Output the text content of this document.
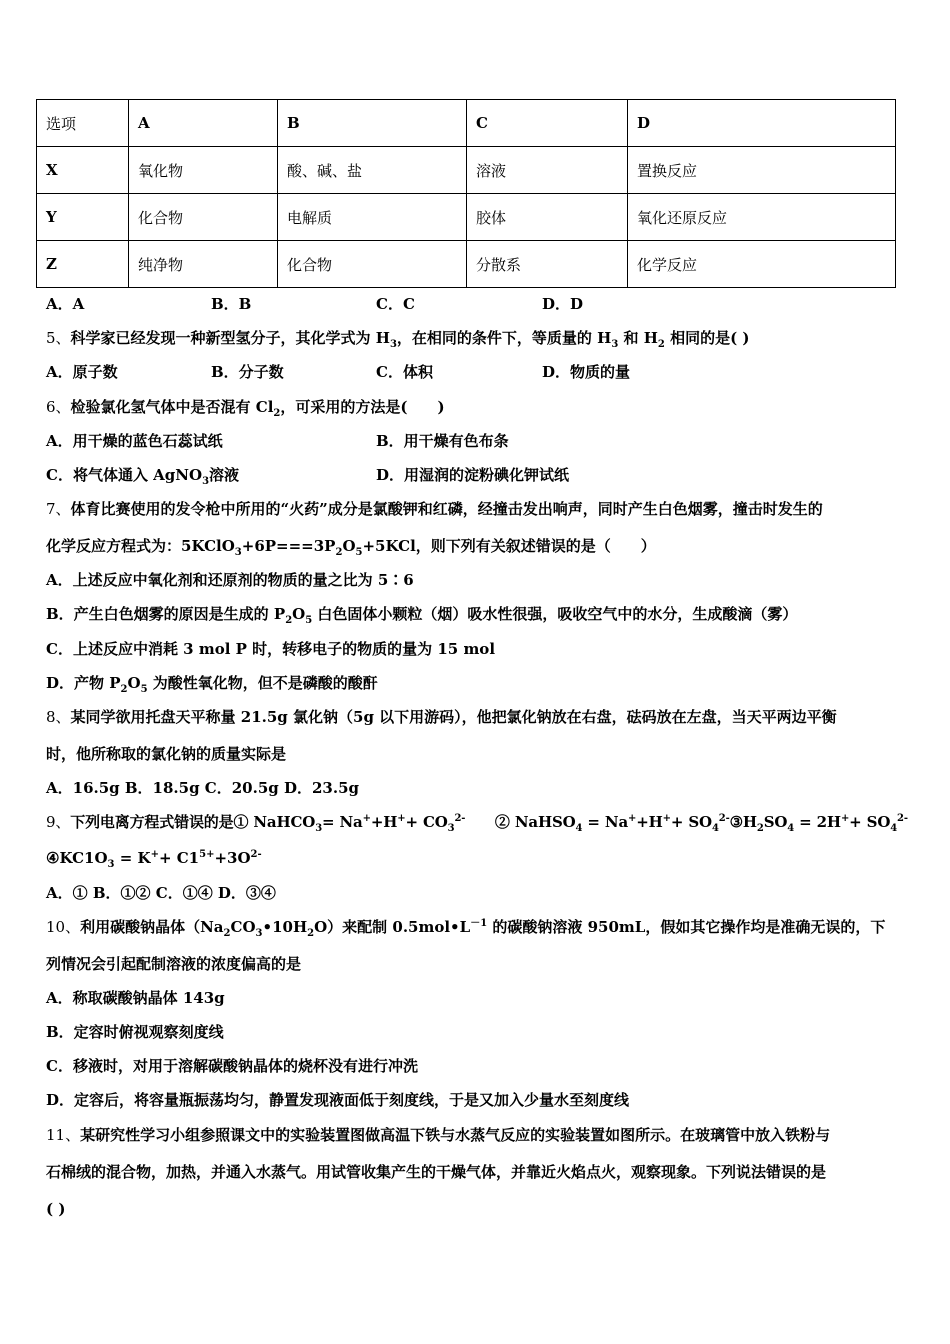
选项	A	B	C	D
X	氧化物	酸、碱、盐	溶液	置换反应
Y	化合物	电解质	胶体	氧化还原反应
Z	纯净物	化合物	分散系	化学反应
A．A	B．B	C．C	D．D
5、科学家已经发现一种新型氢分子，其化学式为 $H_3$，在相同的条件下，等质量的 $H_3$ 和 $H_2$ 相同的是( )
A．原子数	B．分子数	C．体积	D．物质的量
6、检验氯化氢气体中是否混有 $Cl_2$，可采用的方法是(　　)
A．用干燥的蓝色石蕊试纸	B．用干燥有色布条
C．将气体通入 AgNO$_3$溶液	D．用湿润的淀粉碘化钾试纸
7、体育比赛使用的发令枪中所用的“火药”成分是氯酸钾和红磷，经撞击发出响声，同时产生白色烟雾，撞击时发生的
化学反应方程式为：$5KClO_3+6P===3P_2O_5+5KCl$，则下列有关叙述错误的是（　　）
A．上述反应中氧化剂和还原剂的物质的量之比为 5∶6
B．产生白色烟雾的原因是生成的 $P_2O_5$ 白色固体小颗粒（烟）吸水性很强，吸收空气中的水分，生成酸滴（雾）
C．上述反应中消耗 3 mol P 时，转移电子的物质的量为 15 mol
D．产物 $P_2O_5$ 为酸性氧化物，但不是磷酸的酸酐
8、某同学欲用托盘天平称量 21.5g 氯化钠（5g 以下用游码），他把氯化钠放在右盘，砝码放在左盘，当天平两边平衡
时，他所称取的氯化钠的质量实际是
A．16.5g B．18.5g C．20.5g D．23.5g
9、下列电离方程式错误的是① NaHCO$_3$= $Na^++H^++ CO_3^{2-}$　　② NaHSO$_4$ = $Na^++H^++ SO_4^{2-}③H_2SO_4 = 2H^++ SO_4^{2-}$
$④KC1O_3 = K^++ C1^{5+}+3O^{2-}$
A．① B．①② C．①④ D．③④
10、利用碳酸钠晶体$(Na_2CO_3•10H_2O)$来配制 $0.5mol•L^{-1}$ 的碳酸钠溶液 950mL，假如其它操作均是准确无误的，下
列情况会引起配制溶液的浓度偏高的是
A．称取碳酸钠晶体 143g
B．定容时俯视观察刻度线
C．移液时，对用于溶解碳酸钠晶体的烧杯没有进行冲洗
D．定容后，将容量瓶振荡均匀，静置发现液面低于刻度线，于是又加入少量水至刻度线
11、某研究性学习小组参照课文中的实验装置图做高温下铁与水蒸气反应的实验装置如图所示。在玻璃管中放入铁粉与
石棉绒的混合物，加热，并通入水蒸气。用试管收集产生的干燥气体，并靠近火焰点火，观察现象。下列说法错误的是
( )
